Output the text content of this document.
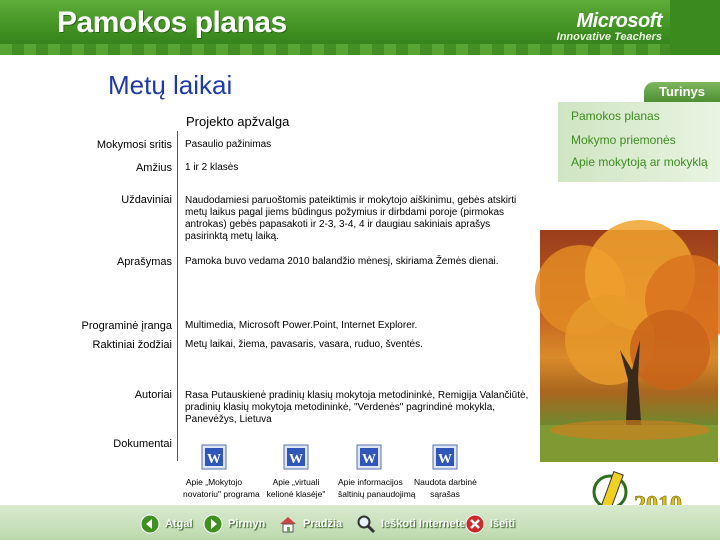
Pamokos planas	Microsoft
Innovative Teachers
Metų laikai	Turinys
Pamokos planas
Mokymo priemonės
Apie mokytoją ar mokyklą
Projekto apžvalga
Mokymosi sritis Pasaulio pažinimas
Amžius 1 ir 2 klasės
Uždaviniai Naudodamiesi paruoštomis pateiktimis ir mokytojo aiškinimu, gebės atskirti metų laikus pagal jiems būdingus požymius ir dirbdami poroje (pirmokas antrokas) gebės papasakoti ir 2-3, 3-4, 4 ir daugiau sakiniais aprašys pasirinktą metų laiką.
Aprašymas Pamoka buvo vedama 2010 balandžio mėnesį, skiriama Žemės dienai.
Programinė įranga Multimedia, Microsoft Power.Point, Internet Explorer.
Raktiniai žodžiai Metų laikai, žiema, pavasaris, vasara, ruduo, šventės.
Autoriai Rasa Putauskienė pradinių klasių mokytoja metodininkė, Remigija Valančiūtė, pradinių klasių mokytoja metodininkė, "Verdenės" pagrindinė mokykla, Panevėžys, Lietuva
Dokumentai
W
Apie „Mokytojo
novatoriu" programa
W
Apie „virtuali
kelionė klasėje"
W
Apie informacijos
šaltinių panaudojimą
W
Naudota darbinė
sąrašas
Atgal	Pirmyn	Pradžia	Ieškoti Internete Išeiti
